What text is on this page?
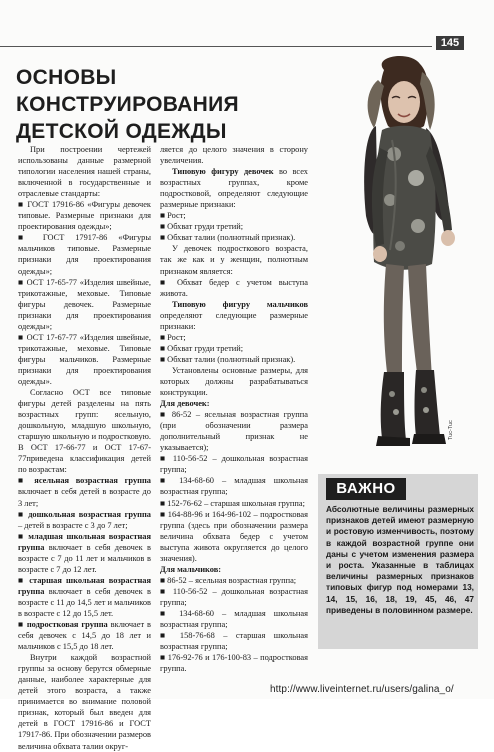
145
ОСНОВЫ КОНСТРУИРОВАНИЯ ДЕТСКОЙ ОДЕЖДЫ

При построении чертежей использованы данные размерной типологии населения нашей страны, включенной в государственные и отраслевые стандарты:

■ ГОСТ 17916-86 «Фигуры девочек типовые. Размерные признаки для проектирования одежды»;

■ ГОСТ 17917-86 «Фигуры мальчиков типовые. Размерные признаки для проектирования одежды»;

■ ОСТ 17-65-77 «Изделия швейные, трикотажные, меховые. Типовые фигуры девочек. Размерные признаки для проектирования одежды»;

■ ОСТ 17-67-77 «Изделия швейные, трикотажные, меховые. Типовые фигуры мальчиков. Размерные признаки для проектирования одежды».

Согласно ОСТ все типовые фигуры детей разделены на пять возрастных групп: ясельную, дошкольную, младшую школьную, старшую школьную и подростковую. В ОСТ 17-66-77 и ОСТ 17-67-77приведена классификация детей по возрастам:

■ ясельная возрастная группа включает в себя детей в возрасте до 3 лет;

■ дошкольная возрастная группа – детей в возрасте с 3 до 7 лет;

■ младшая школьная возрастная группа включает в себя девочек в возрасте с 7 до 11 лет и мальчиков в возрасте с 7 до 12 лет.

■ старшая школьная возрастная группа включает в себя девочек в возрасте с 11 до 14,5 лет и мальчиков в возрасте с 12 до 15,5 лет.

■ подростковая группа включает в себя девочек с 14,5 до 18 лет и мальчиков с 15,5 до 18 лет.

Внутри каждой возрастной группы за основу берутся обмерные данные, наиболее характерные для детей этого возраста, а также принимается во внимание половой признак, который был введен для детей в ГОСТ 17916-86 и ГОСТ 17917-86. При обозначении размеров величина обхвата талии округ-

ляется до целого значения в сторону увеличения.

Типовую фигуру девочек во всех возрастных группах, кроме подростковой, определяют следующие размерные признаки:

■ Рост;

■ Обхват груди третий;

■ Обхват талии (полнотный признак).

У девочек подросткового возраста, так же как и у женщин, полнотным признаком является:

■ Обхват бедер с учетом выступа живота.

Типовую фигуру мальчиков определяют следующие размерные признаки:

■ Рост;

■ Обхват груди третий;

■ Обхват талии (полнотный признак).

Установлены основные размеры, для которых должны разрабатываться конструкции.

Для девочек:

■ 86-52 – ясельная возрастная группа (при обозначении размера дополнительный признак не указывается);

■ 110-56-52 – дошкольная возрастная группа;

■ 134-68-60 – младшая школьная возрастная группа;

■ 152-76-62 – старшая школьная группа;

■ 164-88-96 и 164-96-102 – подростковая группа (здесь при обозначении размера величина обхвата бедер с учетом выступа живота округляется до целого значения).

Для мальчиков:

■ 86-52 – ясельная возрастная группа;

■ 110-56-52 – дошкольная возрастная группа;

■ 134-68-60 – младшая школьная возрастная группа;

■ 158-76-68 – старшая школьная возрастная группа;

■ 176-92-76 и 176-100-83 – подростковая группа.

Tuc-Tuc
ВАЖНО
Абсолютные величины размерных признаков детей имеют размерную и ростовую изменчивость, поэтому в каждой возрастной группе они даны с учетом изменения размера и роста. Указанные в таблицах величины размерных признаков типовых фигур под номерами 13, 14, 15, 16, 18, 19, 45, 46, 47 приведены в половинном размере.
http://www.liveinternet.ru/users/galina_o/
